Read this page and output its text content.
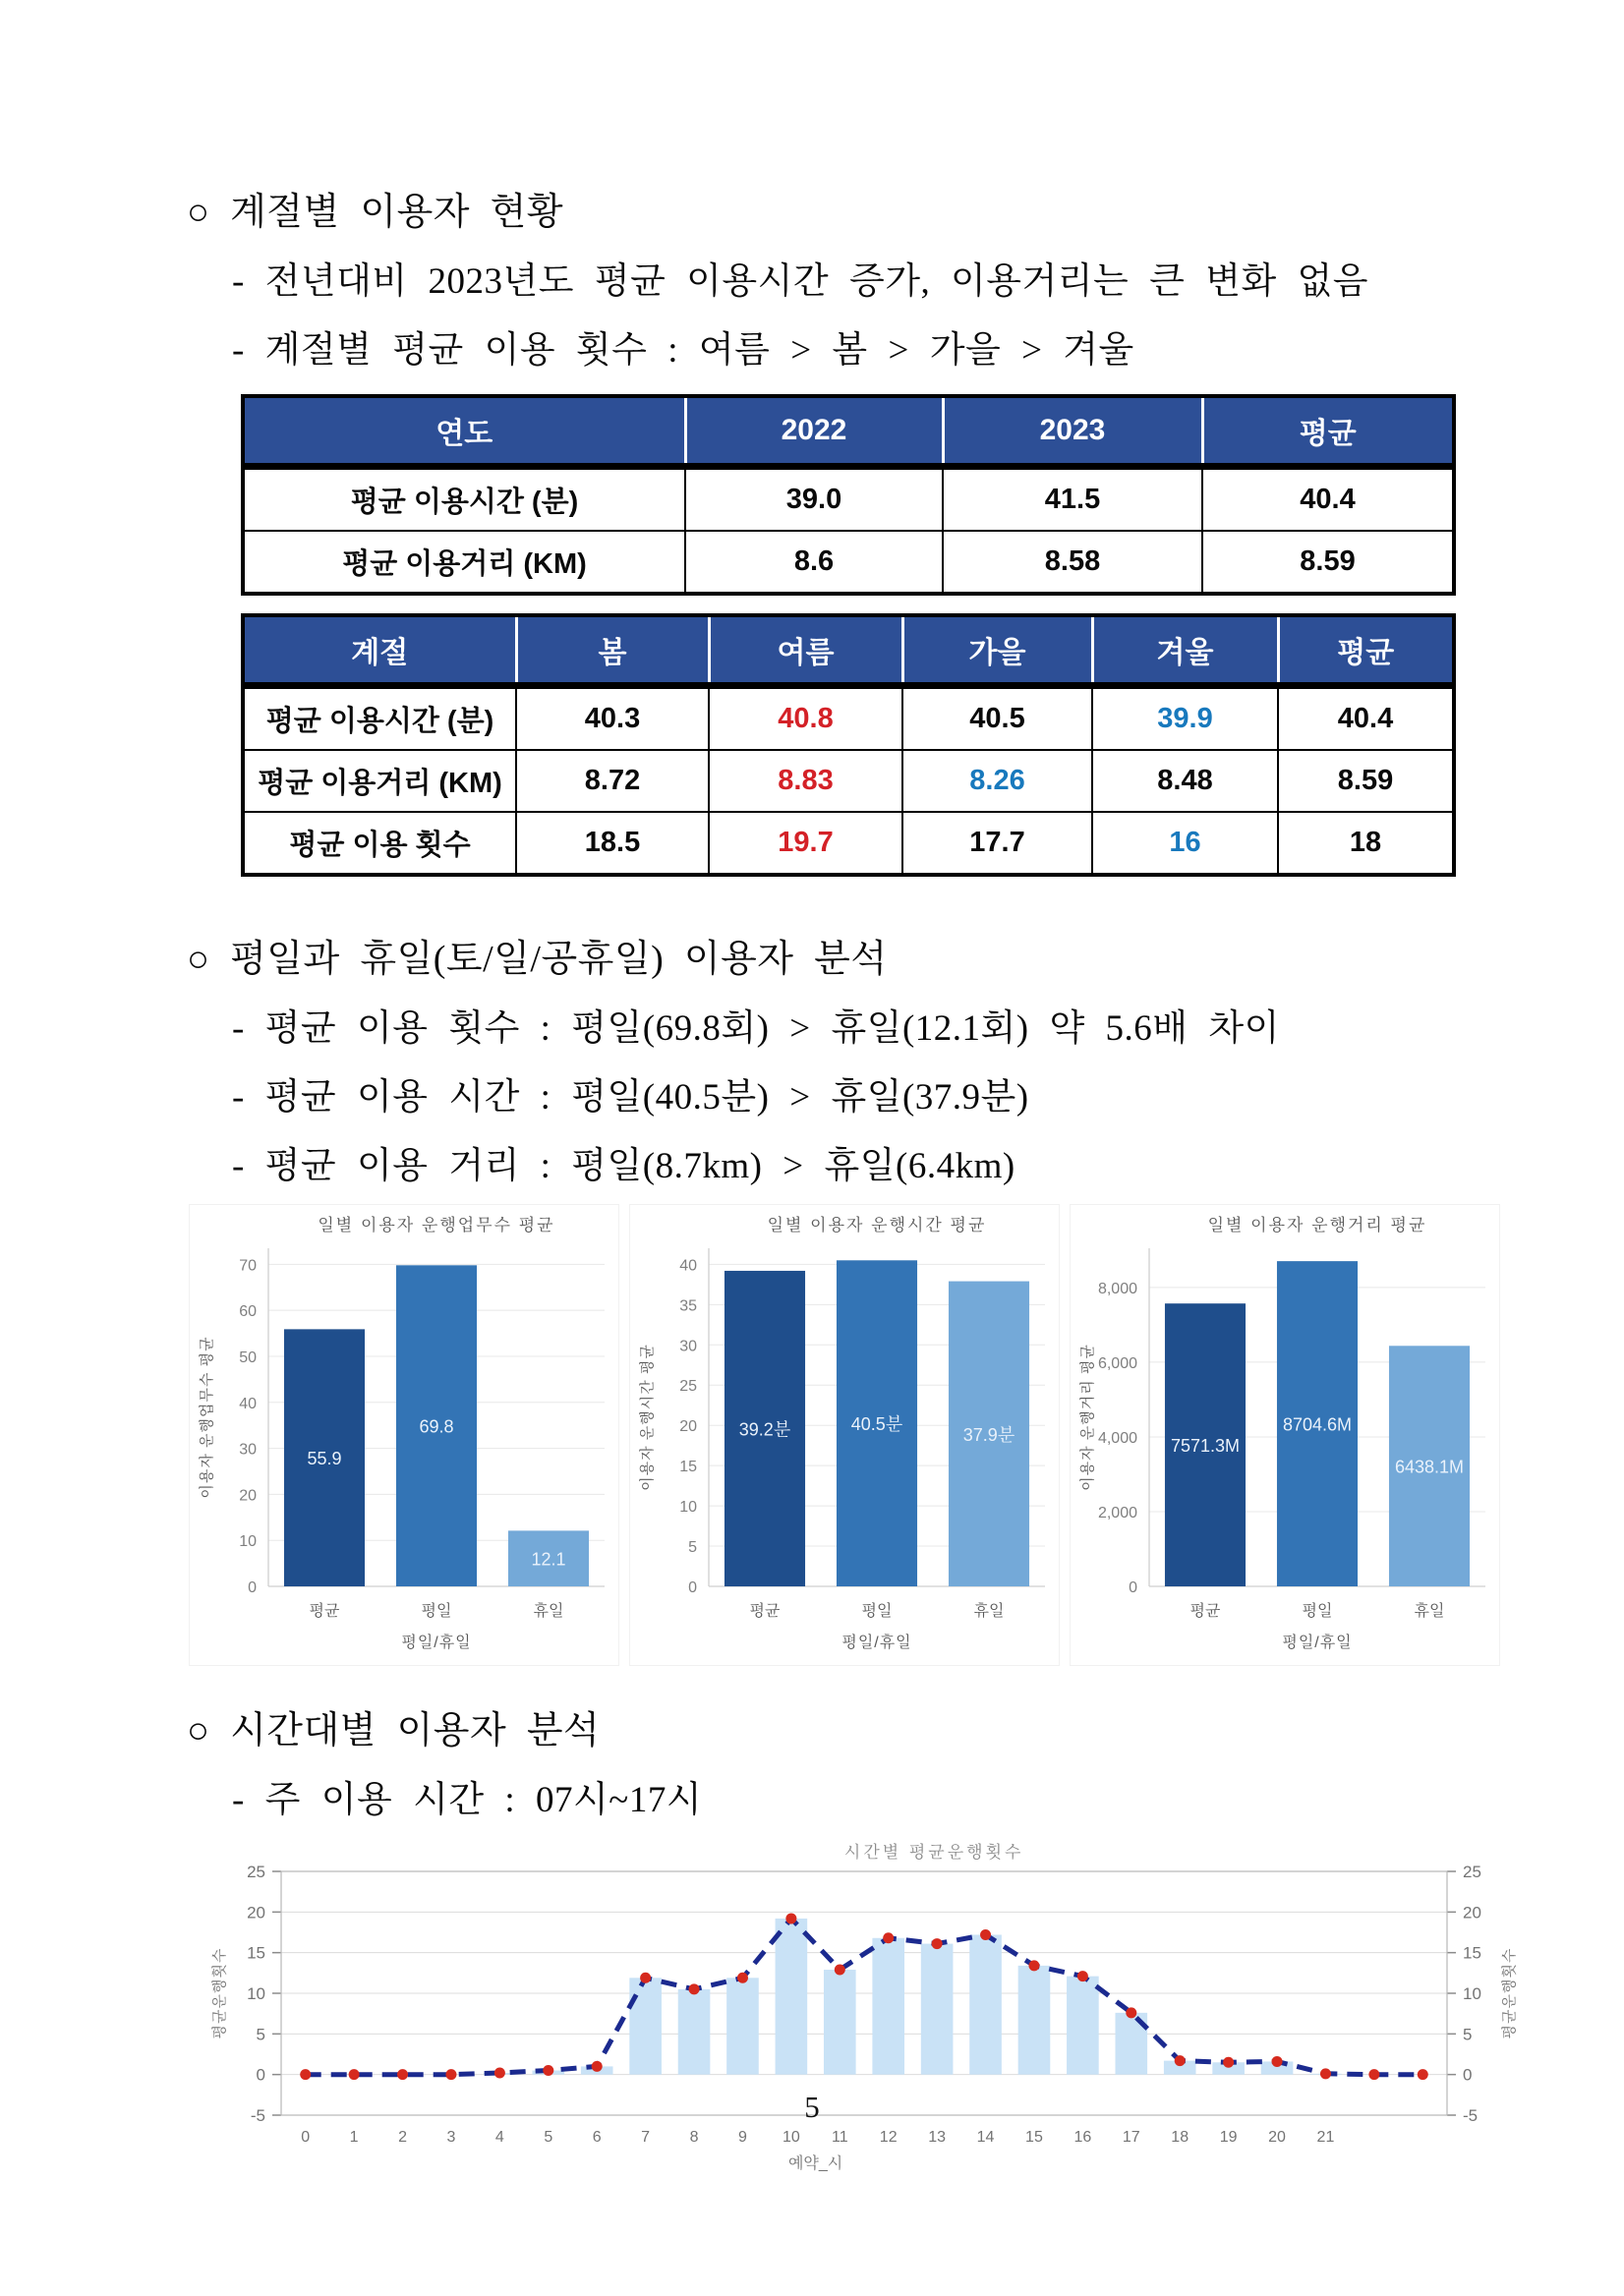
○ 계절별 이용자 현황

- 전년대비 2023년도 평균 이용시간 증가, 이용거리는 큰 변화 없음

- 계절별 평균 이용 횟수 : 여름 > 봄 > 가을 > 겨울

연도	2022	2023	평균
평균 이용시간 (분)	39.0	41.5	40.4
평균 이용거리 (KM)	8.6	8.58	8.59
계절	봄	여름	가을	겨울	평균
평균 이용시간 (분)	40.3	40.8	40.5	39.9	40.4
평균 이용거리 (KM)	8.72	8.83	8.26	8.48	8.59
평균 이용 횟수	18.5	19.7	17.7	16	18
○ 평일과 휴일(토/일/공휴일) 이용자 분석

- 평균 이용 횟수 : 평일(69.8회) > 휴일(12.1회) 약 5.6배 차이

- 평균 이용 시간 : 평일(40.5분) > 휴일(37.9분)

- 평균 이용 거리 : 평일(8.7km) > 휴일(6.4km)

0
10
20
30
40
50
60
70
55.9
평균
69.8
평일
12.1
휴일
일별 이용자 운행업무수 평균
이용자 운행업무수 평균
평일/휴일
0
5
10
15
20
25
30
35
40
39.2분
평균
40.5분
평일
37.9분
휴일
일별 이용자 운행시간 평균
이용자 운행시간 평균
평일/휴일
0
2,000
4,000
6,000
8,000
7571.3M
평균
8704.6M
평일
6438.1M
휴일
일별 이용자 운행거리 평균
이용자 운행거리 평균
평일/휴일
○ 시간대별 이용자 분석

- 주 이용 시간 : 07시~17시

-5	-5
0	0
5	5
10	10
15	15
20	20
25	25
0	1	2	3	4	5	6	7	8	9 10 11 12 13 14 15 16 17 18 19 20 21
예약_시
시간별 평균운행횟수
평균운행횟수	평균운행횟수
5
